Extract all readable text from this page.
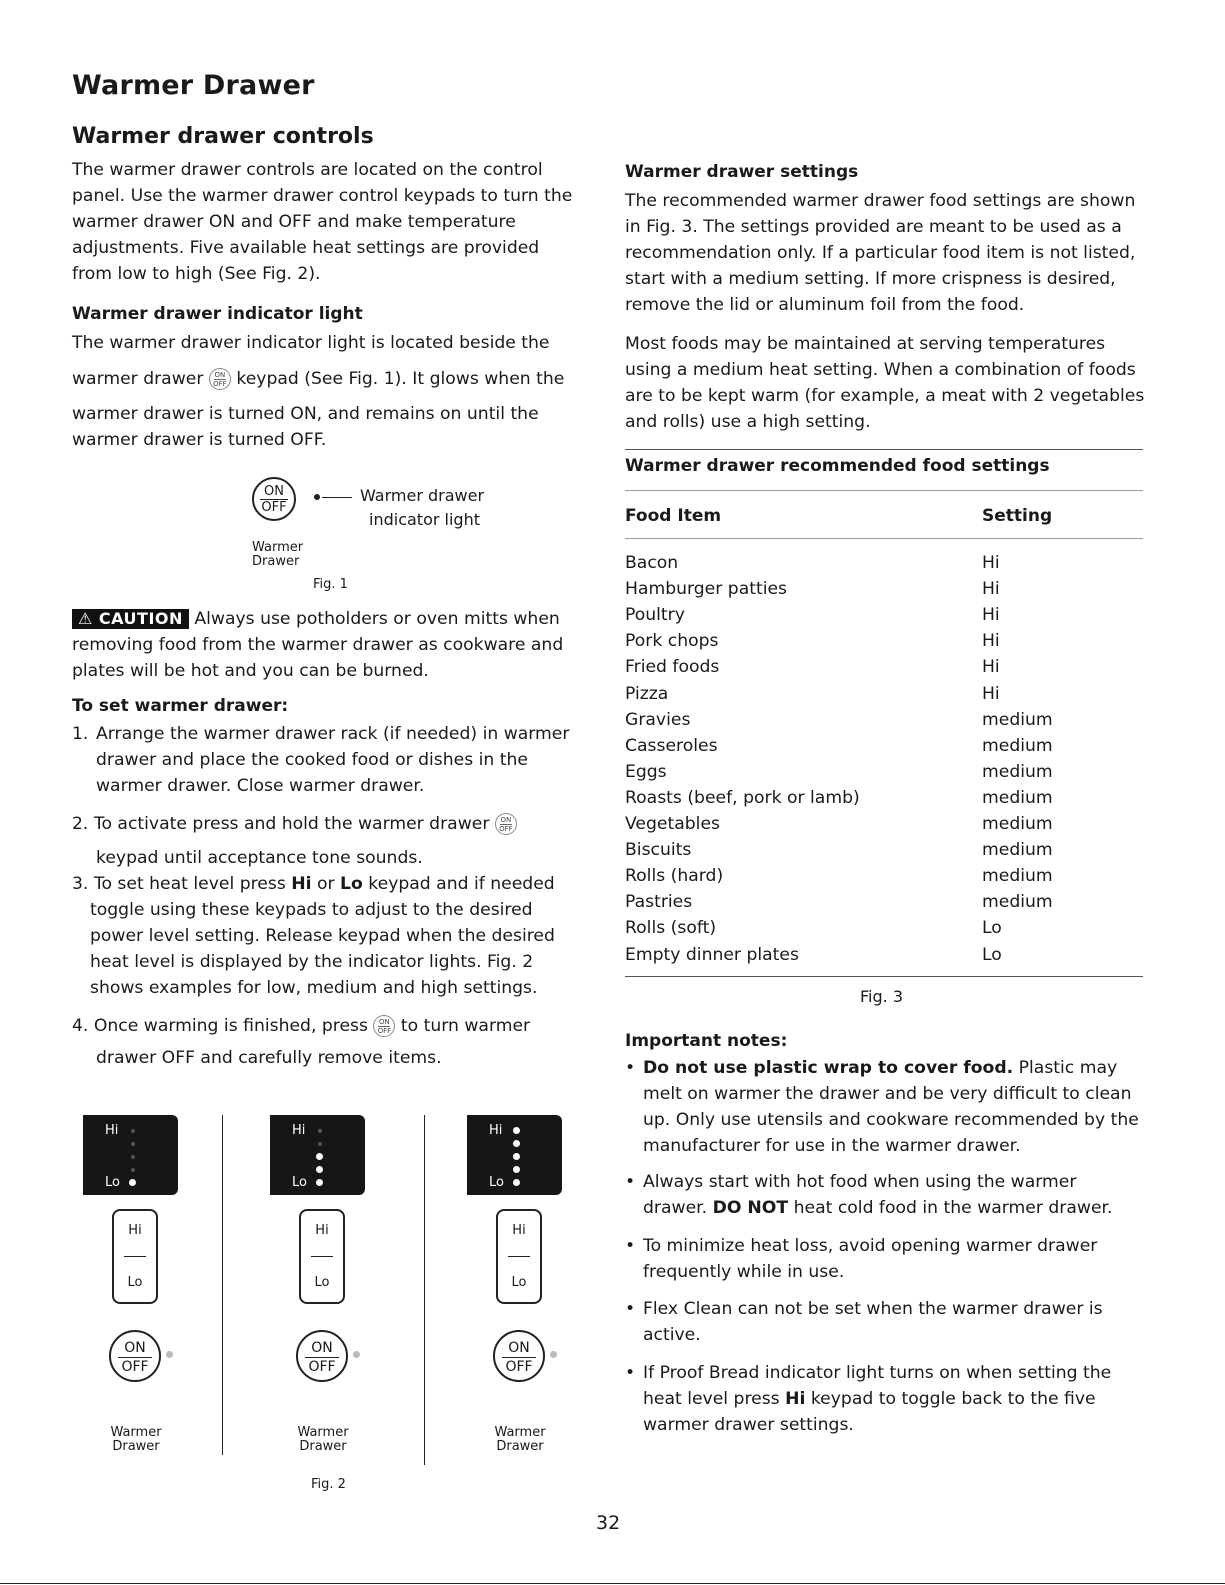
Warmer Drawer
Warmer drawer controls
The warmer drawer controls are located on the control panel. Use the warmer drawer control keypads to turn the warmer drawer ON and OFF and make temperature adjustments. Five available heat settings are provided from low to high (See Fig. 2).
Warmer drawer indicator light
The warmer drawer indicator light is located beside the
warmer drawer	ON
OFF keypad (See Fig. 1). It glows when the
warmer drawer is turned ON, and remains on until the
warmer drawer is turned OFF.
ON
OFF
Warmer drawer
indicator light
Warmer
Drawer
Fig. 1
⚠ CAUTION Always use potholders or oven mitts when
removing food from the warmer drawer as cookware and
plates will be hot and you can be burned.
To set warmer drawer:
1. Arrange the warmer drawer rack (if needed) in warmer drawer and place the cooked food or dishes in the warmer drawer. Close warmer drawer.
2. To activate press and hold the warmer drawer	ON
OFF
keypad until acceptance tone sounds.
3. To set heat level press Hi or Lo keypad and if needed
toggle using these keypads to adjust to the desired power level setting. Release keypad when the desired heat level is displayed by the indicator lights. Fig. 2 shows examples for low, medium and high settings.
4. Once warming is finished, press	ON
OFF to turn warmer
drawer OFF and carefully remove items.
Hi
Lo
Hi
Lo
ON
OFF
Warmer
Drawer
Hi
Lo
Hi
Lo
ON
OFF
Warmer
Drawer
Hi
Lo
Hi
Lo
ON
OFF
Warmer
Drawer
Fig. 2
Warmer drawer settings
The recommended warmer drawer food settings are shown in Fig. 3. The settings provided are meant to be used as a recommendation only. If a particular food item is not listed, start with a medium setting. If more crispness is desired, remove the lid or aluminum foil from the food.
Most foods may be maintained at serving temperatures using a medium heat setting. When a combination of foods are to be kept warm (for example, a meat with 2 vegetables and rolls) use a high setting.
Warmer drawer recommended food settings
Food Item	Setting
Bacon	Hi
Hamburger patties	Hi
Poultry	Hi
Pork chops	Hi
Fried foods	Hi
Pizza	Hi
Gravies	medium
Casseroles	medium
Eggs	medium
Roasts (beef, pork or lamb)	medium
Vegetables	medium
Biscuits	medium
Rolls (hard)	medium
Pastries	medium
Rolls (soft)	Lo
Empty dinner plates	Lo
Fig. 3
Important notes:
• Do not use plastic wrap to cover food. Plastic may melt on warmer the drawer and be very difficult to clean up. Only use utensils and cookware recommended by the manufacturer for use in the warmer drawer.
• Always start with hot food when using the warmer drawer. DO NOT heat cold food in the warmer drawer.
• To minimize heat loss, avoid opening warmer drawer frequently while in use.
• Flex Clean can not be set when the warmer drawer is active.
• If Proof Bread indicator light turns on when setting the heat level press Hi keypad to toggle back to the five warmer drawer settings.
32
